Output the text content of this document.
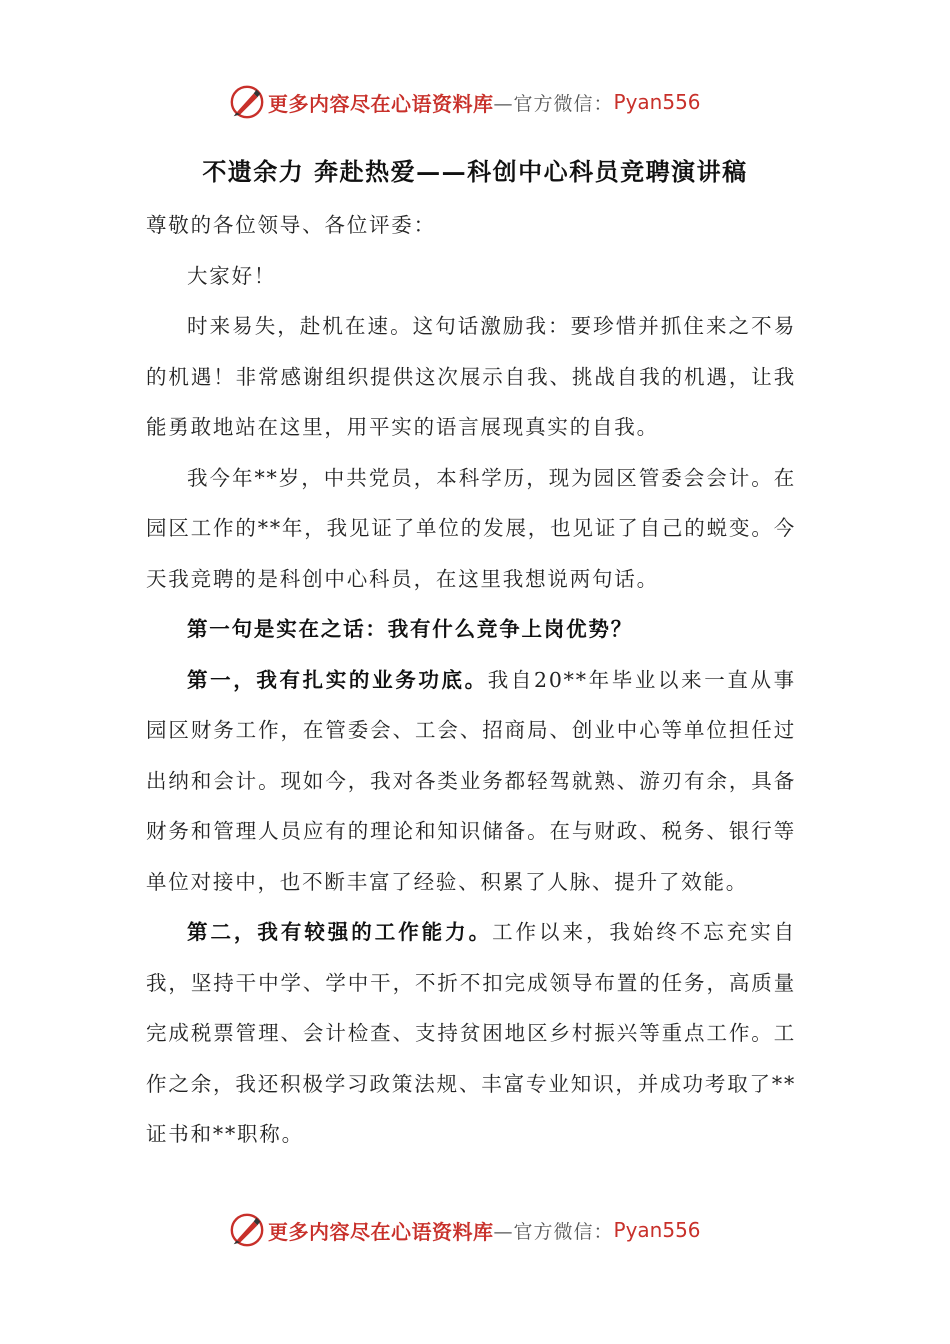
更多内容尽在心语资料库 —官方微信： Pyan556
不遗余力 奔赴热爱——科创中心科员竞聘演讲稿

尊敬的各位领导、各位评委：

大家好！

时来易失，赴机在速。这句话激励我：要珍惜并抓住来之不易的机遇！非常感谢组织提供这次展示自我、挑战自我的机遇，让我能勇敢地站在这里，用平实的语言展现真实的自我。

我今年**岁，中共党员，本科学历，现为园区管委会会计。在园区工作的**年，我见证了单位的发展，也见证了自己的蜕变。今天我竞聘的是科创中心科员，在这里我想说两句话。

第一句是实在之话：我有什么竞争上岗优势？

第一，我有扎实的业务功底。我自20**年毕业以来一直从事园区财务工作，在管委会、工会、招商局、创业中心等单位担任过出纳和会计。现如今，我对各类业务都轻驾就熟、游刃有余，具备财务和管理人员应有的理论和知识储备。在与财政、税务、银行等单位对接中，也不断丰富了经验、积累了人脉、提升了效能。

第二，我有较强的工作能力。工作以来，我始终不忘充实自我，坚持干中学、学中干，不折不扣完成领导布置的任务，高质量完成税票管理、会计检查、支持贫困地区乡村振兴等重点工作。工作之余，我还积极学习政策法规、丰富专业知识，并成功考取了**证书和**职称。

更多内容尽在心语资料库 —官方微信： Pyan556
